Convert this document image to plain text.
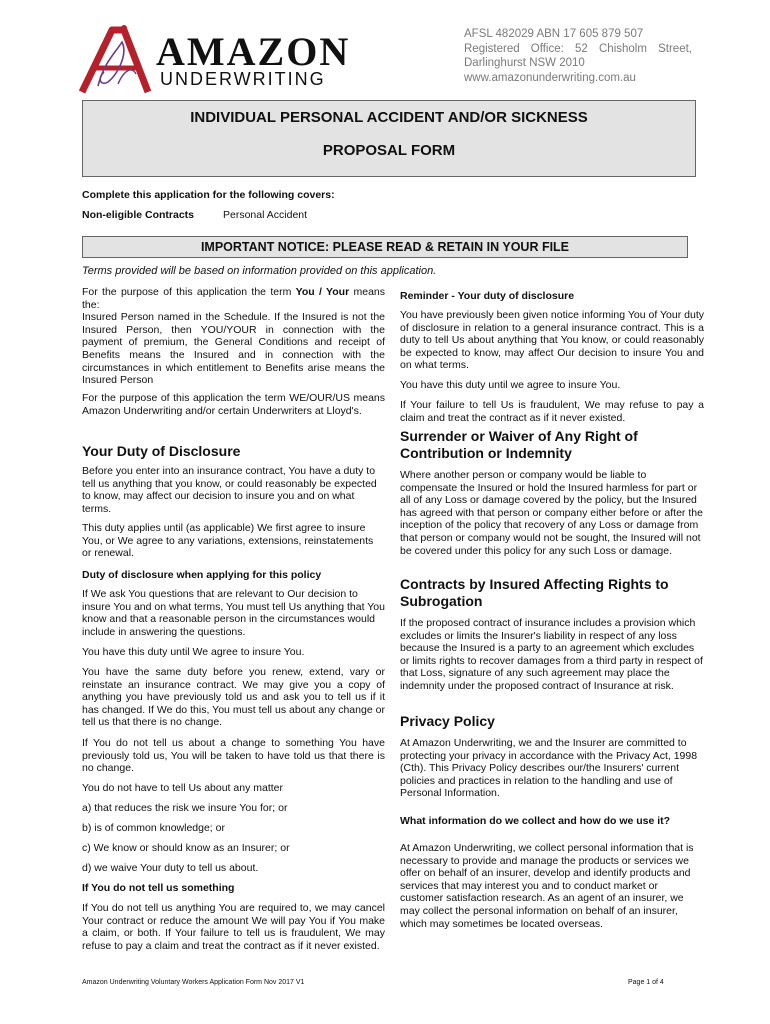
AMAZON
UNDERWRITING
AFSL 482029 ABN 17 605 879 507
Registered Office: 52 Chisholm Street,
Darlinghurst NSW 2010
www.amazonunderwriting.com.au
INDIVIDUAL PERSONAL ACCIDENT AND/OR SICKNESS
PROPOSAL FORM
Complete this application for the following covers:
Non-eligible Contracts	Personal Accident
IMPORTANT NOTICE: PLEASE READ & RETAIN IN YOUR FILE
Terms provided will be based on information provided on this application.
For the purpose of this application the term You / Your means the:
Insured Person named in the Schedule. If the Insured is not the Insured Person, then YOU/YOUR in connection with the payment of premium, the General Conditions and receipt of Benefits means the Insured and in connection with the circumstances in which entitlement to Benefits arise means the Insured Person
For the purpose of this application the term WE/OUR/US means Amazon Underwriting and/or certain Underwriters at Lloyd's.
Your Duty of Disclosure
Before you enter into an insurance contract, You have a duty to tell us anything that you know, or could reasonably be expected to know, may affect our decision to insure you and on what terms.
This duty applies until (as applicable) We first agree to insure You, or We agree to any variations, extensions, reinstatements or renewal.
Duty of disclosure when applying for this policy
If We ask You questions that are relevant to Our decision to insure You and on what terms, You must tell Us anything that You know and that a reasonable person in the circumstances would include in answering the questions.
You have this duty until We agree to insure You.
You have the same duty before you renew, extend, vary or reinstate an insurance contract. We may give you a copy of anything you have previously told us and ask you to tell us if it has changed. If We do this, You must tell us about any change or tell us that there is no change.
If You do not tell us about a change to something You have previously told us, You will be taken to have told us that there is no change.
You do not have to tell Us about any matter
a) that reduces the risk we insure You for; or
b) is of common knowledge; or
c) We know or should know as an Insurer; or
d) we waive Your duty to tell us about.
If You do not tell us something
If You do not tell us anything You are required to, we may cancel Your contract or reduce the amount We will pay You if You make a claim, or both. If Your failure to tell us is fraudulent, We may refuse to pay a claim and treat the contract as if it never existed.
Reminder - Your duty of disclosure
You have previously been given notice informing You of Your duty of disclosure in relation to a general insurance contract. This is a duty to tell Us about anything that You know, or could reasonably be expected to know, may affect Our decision to insure You and on what terms.
You have this duty until we agree to insure You.
If Your failure to tell Us is fraudulent, We may refuse to pay a claim and treat the contract as if it never existed.
Surrender or Waiver of Any Right of Contribution or Indemnity
Where another person or company would be liable to compensate the Insured or hold the Insured harmless for part or all of any Loss or damage covered by the policy, but the Insured has agreed with that person or company either before or after the inception of the policy that recovery of any Loss or damage from that person or company would not be sought, the Insured will not be covered under this policy for any such Loss or damage.
Contracts by Insured Affecting Rights to Subrogation
If the proposed contract of insurance includes a provision which excludes or limits the Insurer's liability in respect of any loss because the Insured is a party to an agreement which excludes or limits rights to recover damages from a third party in respect of that Loss, signature of any such agreement may place the indemnity under the proposed contract of Insurance at risk.
Privacy Policy
At Amazon Underwriting, we and the Insurer are committed to protecting your privacy in accordance with the Privacy Act, 1998 (Cth). This Privacy Policy describes our/the Insurers' current policies and practices in relation to the handling and use of Personal Information.
What information do we collect and how do we use it?
At Amazon Underwriting, we collect personal information that is necessary to provide and manage the products or services we offer on behalf of an insurer, develop and identify products and services that may interest you and to conduct market or customer satisfaction research. As an agent of an insurer, we may collect the personal information on behalf of an insurer, which may sometimes be located overseas.
Amazon Underwriting Voluntary Workers Application Form Nov 2017 V1	Page 1 of 4
